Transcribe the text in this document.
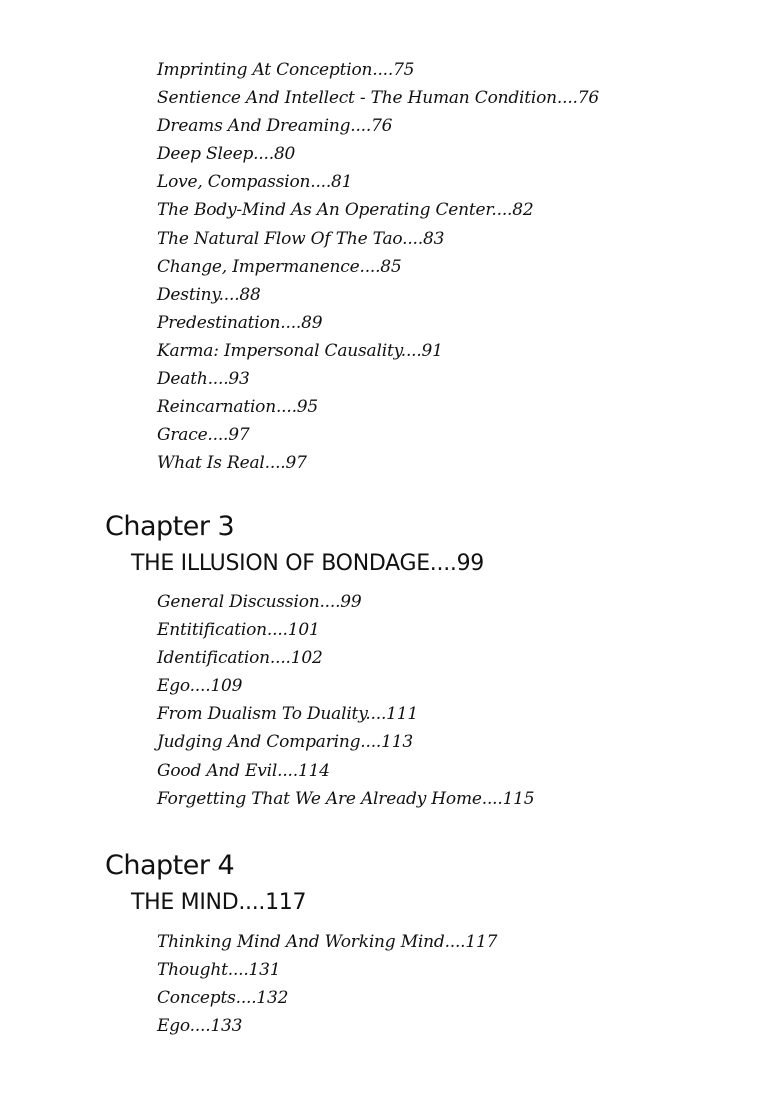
Imprinting At Conception....75
Sentience And Intellect - The Human Condition....76
Dreams And Dreaming....76
Deep Sleep....80
Love, Compassion....81
The Body-Mind As An Operating Center....82
The Natural Flow Of The Tao....83
Change, Impermanence....85
Destiny....88
Predestination....89
Karma: Impersonal Causality....91
Death....93
Reincarnation....95
Grace....97
What Is Real....97
Chapter 3
THE ILLUSION OF BONDAGE....99
General Discussion....99
Entitification....101
Identification....102
Ego....109
From Dualism To Duality....111
Judging And Comparing....113
Good And Evil....114
Forgetting That We Are Already Home....115
Chapter 4
THE MIND....117
Thinking Mind And Working Mind....117
Thought....131
Concepts....132
Ego....133
